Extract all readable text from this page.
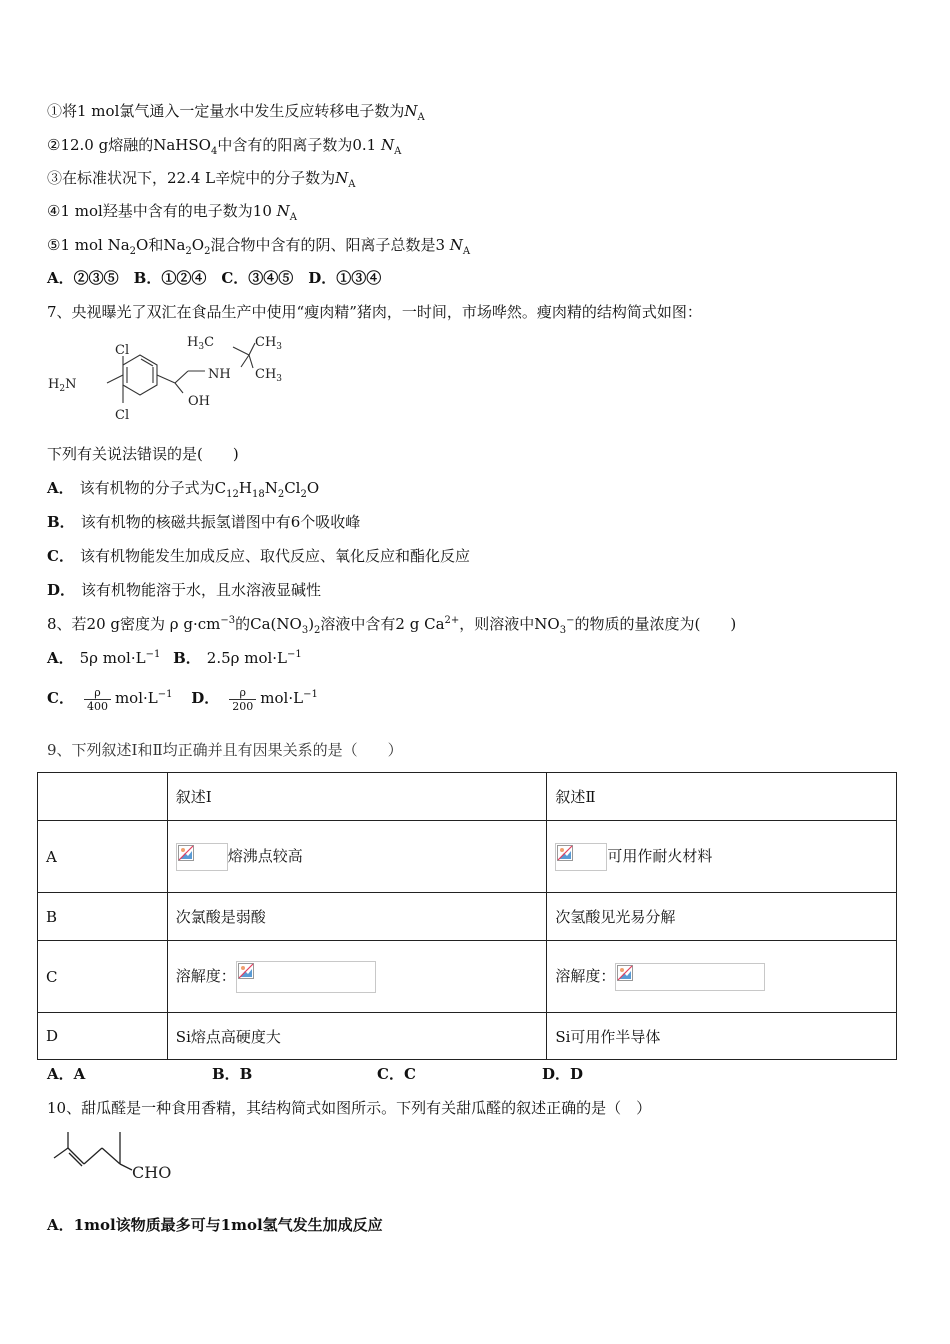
①将1 mol氯气通入一定量水中发生反应转移电子数为$N_A$
②12.0 g熔融的NaHSO$_4$中含有的阳离子数为0.1 $N_A$
③在标准状况下，22.4 L辛烷中的分子数为$N_A$
④1 mol羟基中含有的电子数为10 $N_A$
⑤1 mol $Na_2O$和$Na_2O_2$混合物中含有的阴、阳离子总数是3 $N_A$
A．②③⑤　B．①②④　C．③④⑤　D．①③④
7、央视曝光了双汇在食品生产中使用“瘦肉精”猪肉，一时间，市场哗然。瘦肉精的结构简式如图：
Cl
Cl
$H_2N$
$H_3C$	$CH_3$
NH $CH_3$
OH
下列有关说法错误的是(　　)
A． 该有机物的分子式为$C_{12}H_{18}N_2Cl_2O$
B． 该有机物的核磁共振氢谱图中有6个吸收峰
C． 该有机物能发生加成反应、取代反应、氧化反应和酯化反应
D． 该有机物能溶于水，且水溶液显碱性
8、若20 g密度为 ρ $g\cdot cm^{-3}$的$Ca(NO_3)_2$溶液中含有2 g $Ca^{2+}$，则溶液中$NO_3^-$的物质的量浓度为(　　)
A． 5ρ $mol\cdot L^{-1}$ B． 2.5ρ $mol\cdot L^{-1}$
C． $\frac{\rho}{400} mol\cdot L^{-1}$ D． $\frac{\rho}{200} mol\cdot L^{-1}$
9、下列叙述Ⅰ和Ⅱ均正确并且有因果关系的是（　　）
	叙述Ⅰ	叙述Ⅱ
A	熔沸点较高	可用作耐火材料
B	次氯酸是弱酸	次氢酸见光易分解
C	溶解度：	溶解度：

D	Si熔点高硬度大	Si可用作半导体
A．A	B．B	C．C	D．D
10、甜瓜醛是一种食用香精，其结构简式如图所示。下列有关甜瓜醛的叙述正确的是（　）
CHO
A．1mol该物质最多可与1mol氢气发生加成反应
